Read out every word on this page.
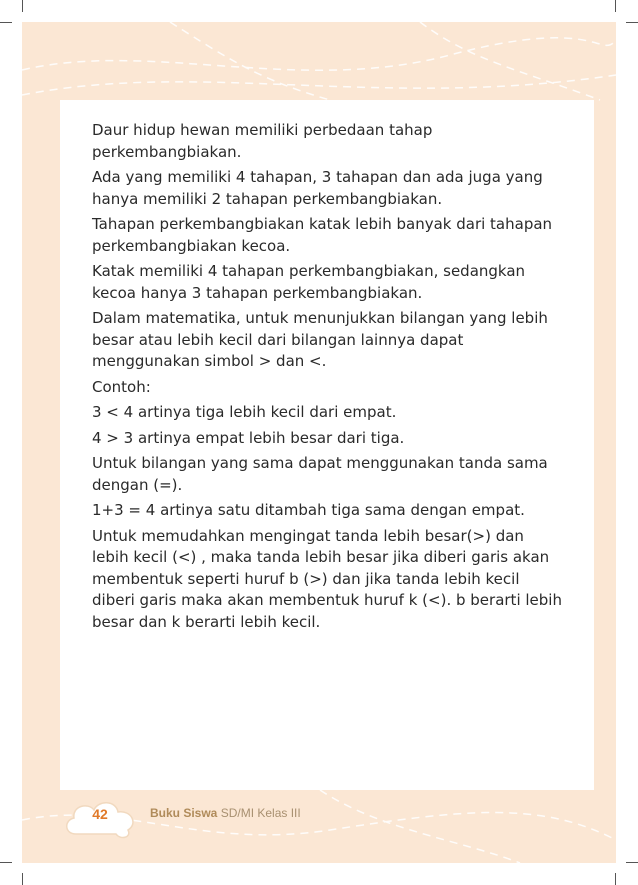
Daur hidup hewan memiliki perbedaan tahap perkembangbiakan.

Ada yang memiliki 4 tahapan, 3 tahapan dan ada juga yang hanya memiliki 2 tahapan perkembangbiakan.

Tahapan perkembangbiakan katak lebih banyak dari tahapan perkembangbiakan kecoa.

Katak memiliki 4 tahapan perkembangbiakan, sedangkan kecoa hanya 3 tahapan perkembangbiakan.

Dalam matematika, untuk menunjukkan bilangan yang lebih besar atau lebih kecil dari bilangan lainnya dapat menggunakan simbol > dan <.

Contoh:

3 < 4 artinya tiga lebih kecil dari empat.

4 > 3 artinya empat lebih besar dari tiga.

Untuk bilangan yang sama dapat menggunakan tanda sama dengan (=).

1+3 = 4 artinya satu ditambah tiga sama dengan empat.

Untuk memudahkan mengingat tanda lebih besar(>) dan lebih kecil (<) , maka tanda lebih besar jika diberi garis akan membentuk seperti huruf b (>) dan jika tanda lebih kecil diberi garis maka akan membentuk huruf k (<). b berarti lebih besar dan k berarti lebih kecil.

42	Buku Siswa SD/MI Kelas III
